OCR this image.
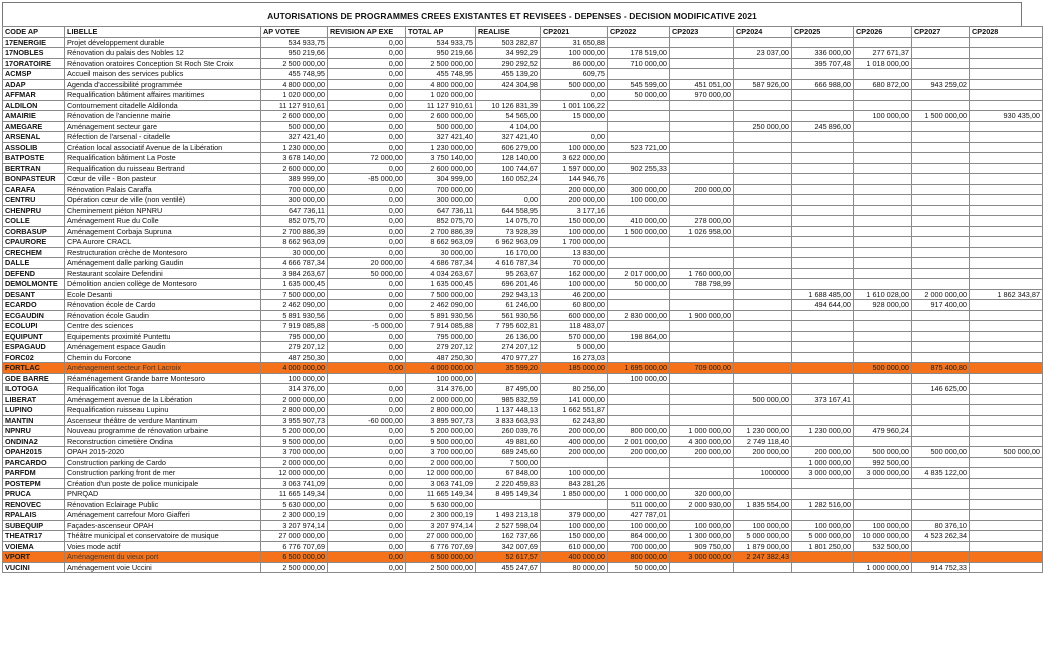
AUTORISATIONS DE PROGRAMMES CREES EXISTANTES ET REVISEES - DEPENSES - DECISION MODIFICATIVE 2021
CODE AP	LIBELLE	AP VOTEE	REVISION AP EXE	TOTAL AP	REALISE	CP2021	CP2022	CP2023	CP2024	CP2025	CP2026	CP2027	CP2028
17ENERGIE	Projet développement durable	534 933,75	0,00	534 933,75	503 282,87	31 650,88							
17NOBLES	Rénovation du palais des Nobles 12	950 219,66	0,00	950 219,66	34 992,29	100 000,00	178 519,00		23 037,00	336 000,00	277 671,37		
17ORATOIRE	Rénovation oratoires Conception St Roch Ste Croix	2 500 000,00	0,00	2 500 000,00	290 292,52	86 000,00	710 000,00			395 707,48	1 018 000,00		
ACMSP	Accueil maison des services publics	455 748,95	0,00	455 748,95	455 139,20	609,75							
ADAP	Agenda d'accessibilité programmée	4 800 000,00	0,00	4 800 000,00	424 304,98	500 000,00	545 599,00	451 051,00	587 926,00	666 988,00	680 872,00	943 259,02	
AFFMAR	Requalification bâtiment affaires maritimes	1 020 000,00	0,00	1 020 000,00		0,00	50 000,00	970 000,00					
ALDILON	Contournement citadelle Aldilonda	11 127 910,61	0,00	11 127 910,61	10 126 831,39	1 001 106,22							
AMAIRIE	Rénovation de l'ancienne mairie	2 600 000,00	0,00	2 600 000,00	54 565,00	15 000,00					100 000,00	1 500 000,00	930 435,00
AMEGARE	Aménagement secteur gare	500 000,00	0,00	500 000,00	4 104,00				250 000,00	245 896,00			
ARSENAL	Réfection de l'arsenal - citadelle	327 421,40	0,00	327 421,40	327 421,40	0,00							
ASSOLIB	Création local associatif Avenue de la Libération	1 230 000,00	0,00	1 230 000,00	606 279,00	100 000,00	523 721,00						
BATPOSTE	Requalification bâtiment La Poste	3 678 140,00	72 000,00	3 750 140,00	128 140,00	3 622 000,00							
BERTRAN	Requalification du ruisseau Bertrand	2 600 000,00	0,00	2 600 000,00	100 744,67	1 597 000,00	902 255,33						
BONPASTEUR	Cœur de ville - Bon pasteur	389 999,00	-85 000,00	304 999,00	160 052,24	144 946,76							
CARAFA	Rénovation Palais Caraffa	700 000,00	0,00	700 000,00		200 000,00	300 000,00	200 000,00					
CENTRU	Opération cœur de ville (non ventilé)	300 000,00	0,00	300 000,00	0,00	200 000,00	100 000,00						
CHENPRU	Cheminement piéton NPNRU	647 736,11	0,00	647 736,11	644 558,95	3 177,16							
COLLE	Aménagement Rue du Colle	852 075,70	0,00	852 075,70	14 075,70	150 000,00	410 000,00	278 000,00					
CORBASUP	Aménagement Corbaja Supruna	2 700 886,39	0,00	2 700 886,39	73 928,39	100 000,00	1 500 000,00	1 026 958,00					
CPAURORE	CPA Aurore CRACL	8 662 963,09	0,00	8 662 963,09	6 962 963,09	1 700 000,00							
CRECHEM	Restructuration crèche de Montesoro	30 000,00	0,00	30 000,00	16 170,00	13 830,00							
DALLE	Aménagement dalle parking Gaudin	4 666 787,34	20 000,00	4 686 787,34	4 616 787,34	70 000,00							
DEFEND	Restaurant scolaire Defendini	3 984 263,67	50 000,00	4 034 263,67	95 263,67	162 000,00	2 017 000,00	1 760 000,00					
DEMOLMONTE	Démolition ancien collège de Montesoro	1 635 000,45	0,00	1 635 000,45	696 201,46	100 000,00	50 000,00	788 798,99					
DESANT	Ecole Desanti	7 500 000,00	0,00	7 500 000,00	292 943,13	46 200,00				1 688 485,00	1 610 028,00	2 000 000,00	1 862 343,87
ECARDO	Rénovation école de Cardo	2 462 090,00	0,00	2 462 090,00	61 246,00	60 800,00				494 644,00	928 000,00	917 400,00	
ECGAUDIN	Rénovation école Gaudin	5 891 930,56	0,00	5 891 930,56	561 930,56	600 000,00	2 830 000,00	1 900 000,00					
ECOLUPI	Centre des sciences	7 919 085,88	-5 000,00	7 914 085,88	7 795 602,81	118 483,07							
EQUIPUNT	Equipements proximité Puntettu	795 000,00	0,00	795 000,00	26 136,00	570 000,00	198 864,00						
ESPAGAUD	Aménagement espace Gaudin	279 207,12	0,00	279 207,12	274 207,12	5 000,00							
FORC02	Chemin du Forcone	487 250,30	0,00	487 250,30	470 977,27	16 273,03							
FORTLAC	Aménagement secteur Fort Lacroix	4 000 000,00	0,00	4 000 000,00	35 599,20	185 000,00	1 695 000,00	709 000,00			500 000,00	875 400,80	
GDE BARRE	Réaménagement Grande barre Montesoro	100 000,00		100 000,00			100 000,00						
ILOTOGA	Requalification ilot Toga	314 376,00	0,00	314 376,00	87 495,00	80 256,00						146 625,00	
LIBERAT	Aménagement avenue de la Libération	2 000 000,00	0,00	2 000 000,00	985 832,59	141 000,00			500 000,00	373 167,41			
LUPINO	Requalification ruisseau Lupinu	2 800 000,00	0,00	2 800 000,00	1 137 448,13	1 662 551,87							
MANTIN	Ascenseur théâtre de verdure Mantinum	3 955 907,73	-60 000,00	3 895 907,73	3 833 663,93	62 243,80							
NPNRU	Nouveau programme de rénovation urbaine	5 200 000,00	0,00	5 200 000,00	260 039,76	200 000,00	800 000,00	1 000 000,00	1 230 000,00	1 230 000,00	479 960,24		
ONDINA2	Reconstruction cimetière Ondina	9 500 000,00	0,00	9 500 000,00	49 881,60	400 000,00	2 001 000,00	4 300 000,00	2 749 118,40				
OPAH2015	OPAH 2015-2020	3 700 000,00	0,00	3 700 000,00	689 245,60	200 000,00	200 000,00	200 000,00	200 000,00	200 000,00	500 000,00	500 000,00	500 000,00
PARCARDO	Construction parking de Cardo	2 000 000,00	0,00	2 000 000,00	7 500,00					1 000 000,00	992 500,00		
PARFDM	Construction parking front de mer	12 000 000,00	0,00	12 000 000,00	67 848,00	100 000,00			1000000	3 000 000,00	3 000 000,00	4 835 122,00	
POSTEPM	Création d'un poste de police municipale	3 063 741,09	0,00	3 063 741,09	2 220 459,83	843 281,26							
PRUCA	PNRQAD	11 665 149,34	0,00	11 665 149,34	8 495 149,34	1 850 000,00	1 000 000,00	320 000,00					
RENOVEC	Rénovation Eclairage Public	5 630 000,00	0,00	5 630 000,00			511 000,00	2 000 930,00	1 835 554,00	1 282 516,00			
RPALAIS	Aménagement carrefour Moro Giafferi	2 300 000,19	0,00	2 300 000,19	1 493 213,18	379 000,00	427 787,01						
SUBEQUIP	Façades-ascenseur OPAH	3 207 974,14	0,00	3 207 974,14	2 527 598,04	100 000,00	100 000,00	100 000,00	100 000,00	100 000,00	100 000,00	80 376,10	
THEATR17	Théâtre municipal et conservatoire de musique	27 000 000,00	0,00	27 000 000,00	162 737,66	150 000,00	864 000,00	1 300 000,00	5 000 000,00	5 000 000,00	10 000 000,00	4 523 262,34	
VOIEMA	Voies mode actif	6 776 707,69	0,00	6 776 707,69	342 007,69	610 000,00	700 000,00	909 750,00	1 879 000,00	1 801 250,00	532 500,00		
VPORT	Aménagement du vieux port	6 500 000,00	0,00	6 500 000,00	52 617,57	400 000,00	800 000,00	3 000 000,00	2 247 382,43				
VUCINI	Aménagement voie Uccini	2 500 000,00	0,00	2 500 000,00	455 247,67	80 000,00	50 000,00				1 000 000,00	914 752,33	
